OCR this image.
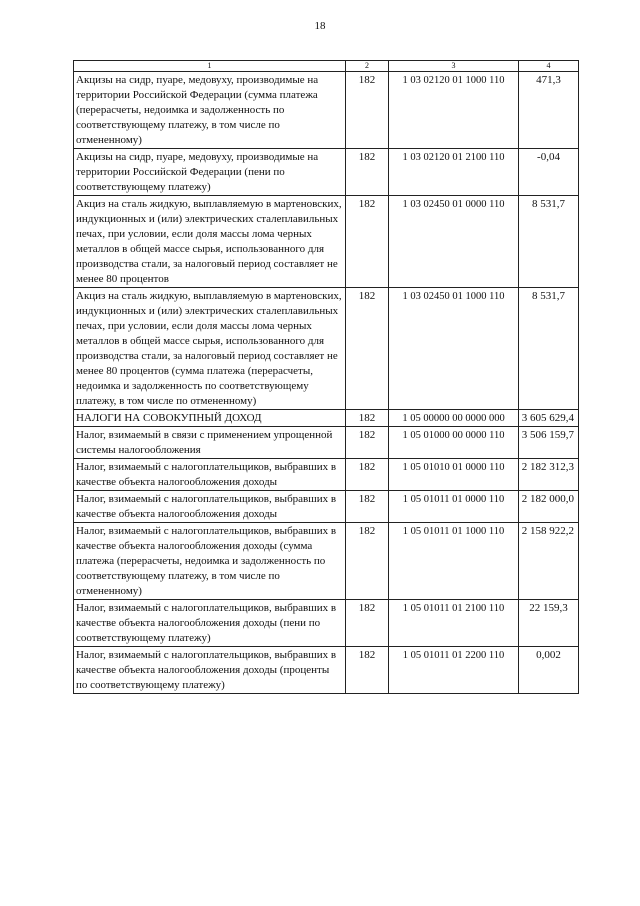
18
1	2	3	4
Акцизы на сидр, пуаре, медовуху, производимые на территории Российской Федерации (сумма платежа (перерасчеты, недоимка и задолженность по соответствующему платежу, в том числе по отмененному)	182	1 03 02120 01 1000 110	471,3
Акцизы на сидр, пуаре, медовуху, производимые на территории Российской Федерации (пени по соответствующему платежу)	182	1 03 02120 01 2100 110	-0,04
Акциз на сталь жидкую, выплавляемую в мартеновских, индукционных и (или) электрических сталеплавильных печах, при условии, если доля массы лома черных металлов в общей массе сырья, использованного для производства стали, за налоговый период составляет не менее 80 процентов	182	1 03 02450 01 0000 110	8 531,7
Акциз на сталь жидкую, выплавляемую в мартеновских, индукционных и (или) электрических сталеплавильных печах, при условии, если доля массы лома черных металлов в общей массе сырья, использованного для производства стали, за налоговый период составляет не менее 80 процентов (сумма платежа (перерасчеты, недоимка и задолженность по соответствующему платежу, в том числе по отмененному)	182	1 03 02450 01 1000 110	8 531,7
НАЛОГИ НА СОВОКУПНЫЙ ДОХОД	182	1 05 00000 00 0000 000	3 605 629,4
Налог, взимаемый в связи с применением упрощенной системы налогообложения	182	1 05 01000 00 0000 110	3 506 159,7
Налог, взимаемый с налогоплательщиков, выбравших в качестве объекта налогообложения доходы	182	1 05 01010 01 0000 110	2 182 312,3
Налог, взимаемый с налогоплательщиков, выбравших в качестве объекта налогообложения доходы	182	1 05 01011 01 0000 110	2 182 000,0
Налог, взимаемый с налогоплательщиков, выбравших в качестве объекта налогообложения доходы (сумма платежа (перерасчеты, недоимка и задолженность по соответствующему платежу, в том числе по отмененному)	182	1 05 01011 01 1000 110	2 158 922,2
Налог, взимаемый с налогоплательщиков, выбравших в качестве объекта налогообложения доходы (пени по соответствующему платежу)	182	1 05 01011 01 2100 110	22 159,3
Налог, взимаемый с налогоплательщиков, выбравших в качестве объекта налогообложения доходы (проценты по соответствующему платежу)	182	1 05 01011 01 2200 110	0,002
